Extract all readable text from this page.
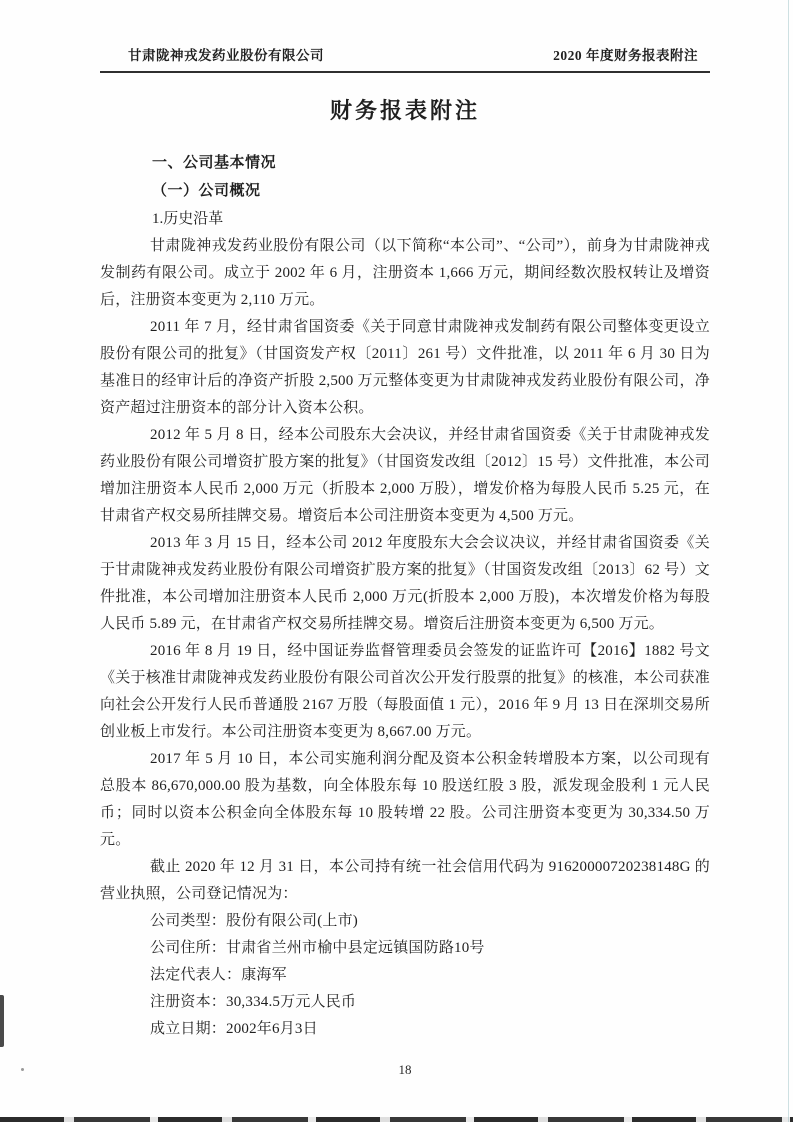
甘肃陇神戎发药业股份有限公司	2020 年度财务报表附注
财务报表附注
一、公司基本情况
（一）公司概况
1.历史沿革

甘肃陇神戎发药业股份有限公司（以下简称“本公司”、“公司”），前身为甘肃陇神戎发制药有限公司。成立于 2002 年 6 月，注册资本 1,666 万元，期间经数次股权转让及增资后，注册资本变更为 2,110 万元。

2011 年 7 月，经甘肃省国资委《关于同意甘肃陇神戎发制药有限公司整体变更设立股份有限公司的批复》（甘国资发产权〔2011〕261 号）文件批准，以 2011 年 6 月 30 日为基准日的经审计后的净资产折股 2,500 万元整体变更为甘肃陇神戎发药业股份有限公司，净资产超过注册资本的部分计入资本公积。

2012 年 5 月 8 日，经本公司股东大会决议，并经甘肃省国资委《关于甘肃陇神戎发药业股份有限公司增资扩股方案的批复》（甘国资发改组〔2012〕15 号）文件批准，本公司增加注册资本人民币 2,000 万元（折股本 2,000 万股），增发价格为每股人民币 5.25 元，在甘肃省产权交易所挂牌交易。增资后本公司注册资本变更为 4,500 万元。

2013 年 3 月 15 日，经本公司 2012 年度股东大会会议决议，并经甘肃省国资委《关于甘肃陇神戎发药业股份有限公司增资扩股方案的批复》（甘国资发改组〔2013〕62 号）文件批准，本公司增加注册资本人民币 2,000 万元(折股本 2,000 万股)，本次增发价格为每股人民币 5.89 元，在甘肃省产权交易所挂牌交易。增资后注册资本变更为 6,500 万元。

2016 年 8 月 19 日，经中国证券监督管理委员会签发的证监许可【2016】1882 号文《关于核准甘肃陇神戎发药业股份有限公司首次公开发行股票的批复》的核准，本公司获准向社会公开发行人民币普通股 2167 万股（每股面值 1 元），2016 年 9 月 13 日在深圳交易所创业板上市发行。本公司注册资本变更为 8,667.00 万元。

2017 年 5 月 10 日，本公司实施利润分配及资本公积金转增股本方案，以公司现有总股本 86,670,000.00 股为基数，向全体股东每 10 股送红股 3 股，派发现金股利 1 元人民币；同时以资本公积金向全体股东每 10 股转增 22 股。公司注册资本变更为 30,334.50 万元。

截止 2020 年 12 月 31 日，本公司持有统一社会信用代码为 91620000720238148G 的营业执照，公司登记情况为：

公司类型：股份有限公司(上市)
公司住所：甘肃省兰州市榆中县定远镇国防路10号
法定代表人：康海军
注册资本：30,334.5万元人民币
成立日期：2002年6月3日
18
